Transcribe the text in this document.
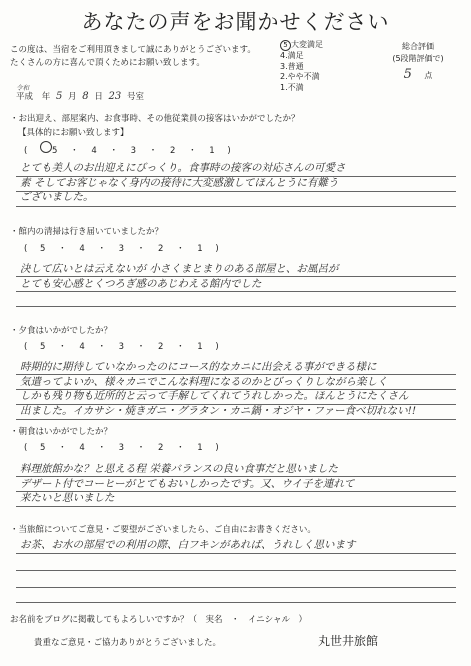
あなたの声をお聞かせください
この度は、当宿をご利用頂きまして誠にありがとうございます。
たくさんの方に喜んで頂くためにお願い致します。
5 大変満足
4.満足
3.普通
2.やや不満
1.不満
総合評価
(5段階評価で)
5 点
令和
平成 年 5 月 8 日 23 号室
・お出迎え、部屋案内、お食事時、その他従業員の接客はいかがでしたか？
【具体的にお願い致します】
( 5 ・ 4 ・ 3 ・ 2 ・ 1 )
とても美人のお出迎えにびっくり。食事時の接客の対応さんの可愛さ
素 そしてお客じゃなく身内の接待に大変感激してほんとうに有難う
ございました。
・館内の清掃は行き届いていましたか？
( 5 ・ 4 ・ 3 ・ 2 ・ 1 )
決して広いとは云えないが 小さくまとまりのある部屋と、お風呂が
とても安心感とくつろぎ感のあじわえる館内でした
・夕食はいかがでしたか？
( 5 ・ 4 ・ 3 ・ 2 ・ 1 )
時期的に期待していなかったのにコース的なカニに出会える事ができる様に
気遣ってよいか、様々カニでこんな料理になるのかとびっくりしながら楽しく
しかも残り物も近所的と云って手解してくれてうれしかった。ほんとうにたくさん
出ました。イカサシ・焼きガニ・グラタン・カニ鍋・オジヤ・ファー食べ切れない!!
・朝食はいかがでしたか？
( 5 ・ 4 ・ 3 ・ 2 ・ 1 )
料理旅館かな？と思える程 栄養バランスの良い食事だと思いました
デザート付でコーヒーがとてもおいしかったです。又、ウイ子を連れて
来たいと思いました
・当旅館についてご意見・ご要望がございましたら、ご自由にお書きください。
お茶、お水の部屋での利用の際、白フキンがあれば、うれしく思います
お名前をブログに掲載してもよろしいですか？（　実名　・　イニシャル　）
貴重なご意見・ご協力ありがとうございました。	丸世井旅館
